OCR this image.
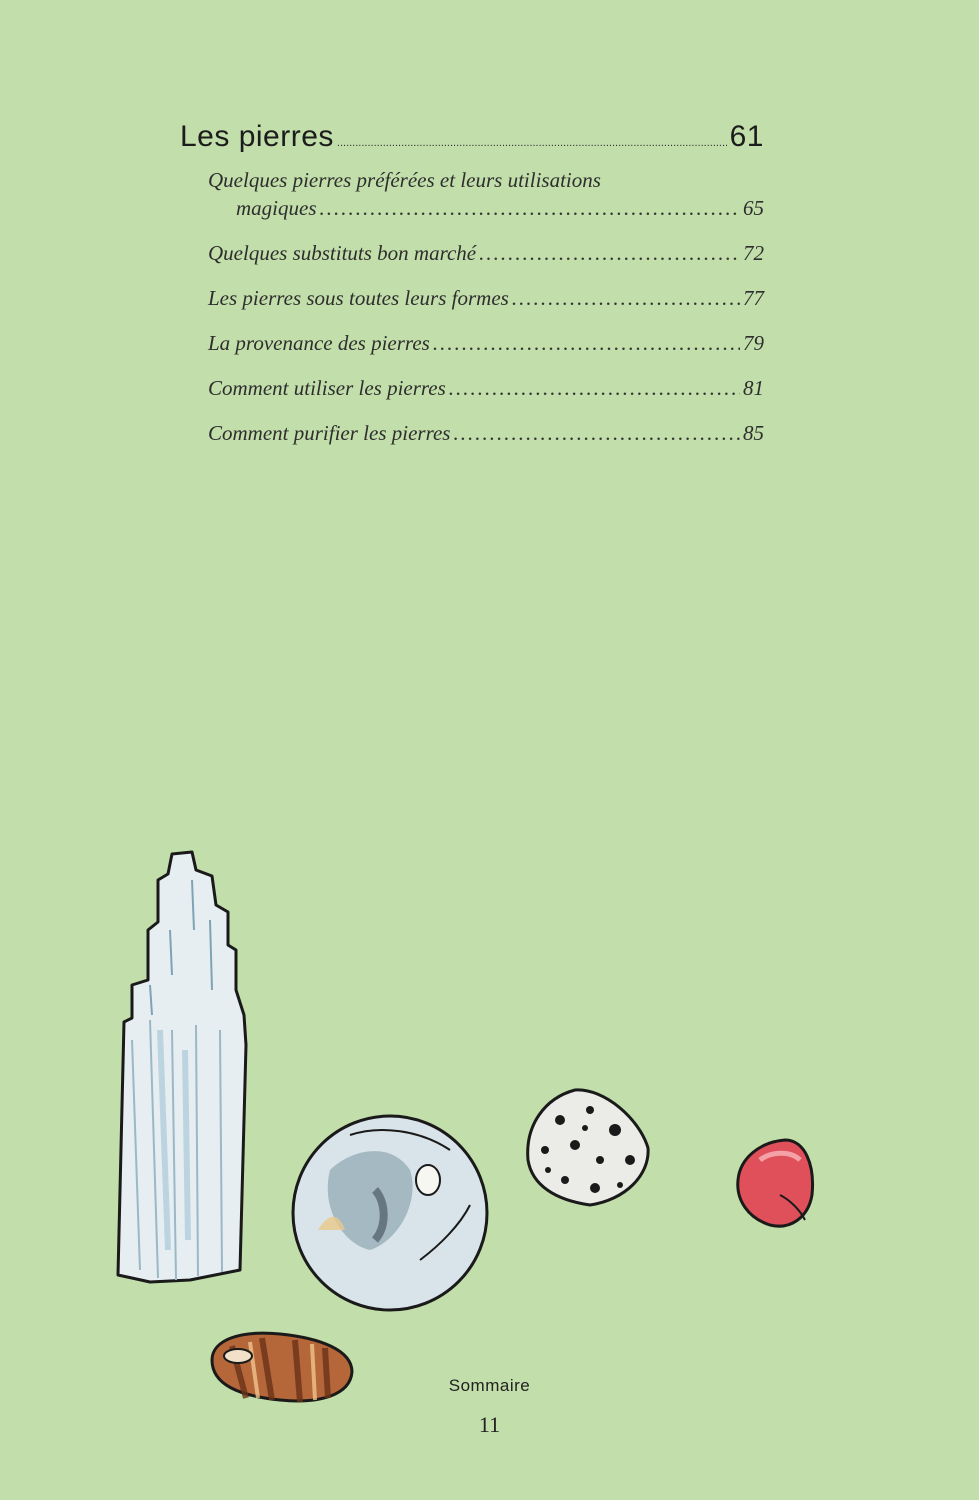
Les pierres .....	61
Quelques pierres préférées et leurs utilisations
magiques .....	65
Quelques substituts bon marché .....	72
Les pierres sous toutes leurs formes .....	77
La provenance des pierres .....	79
Comment utiliser les pierres .....	81
Comment purifier les pierres .....	85
Sommaire
11
